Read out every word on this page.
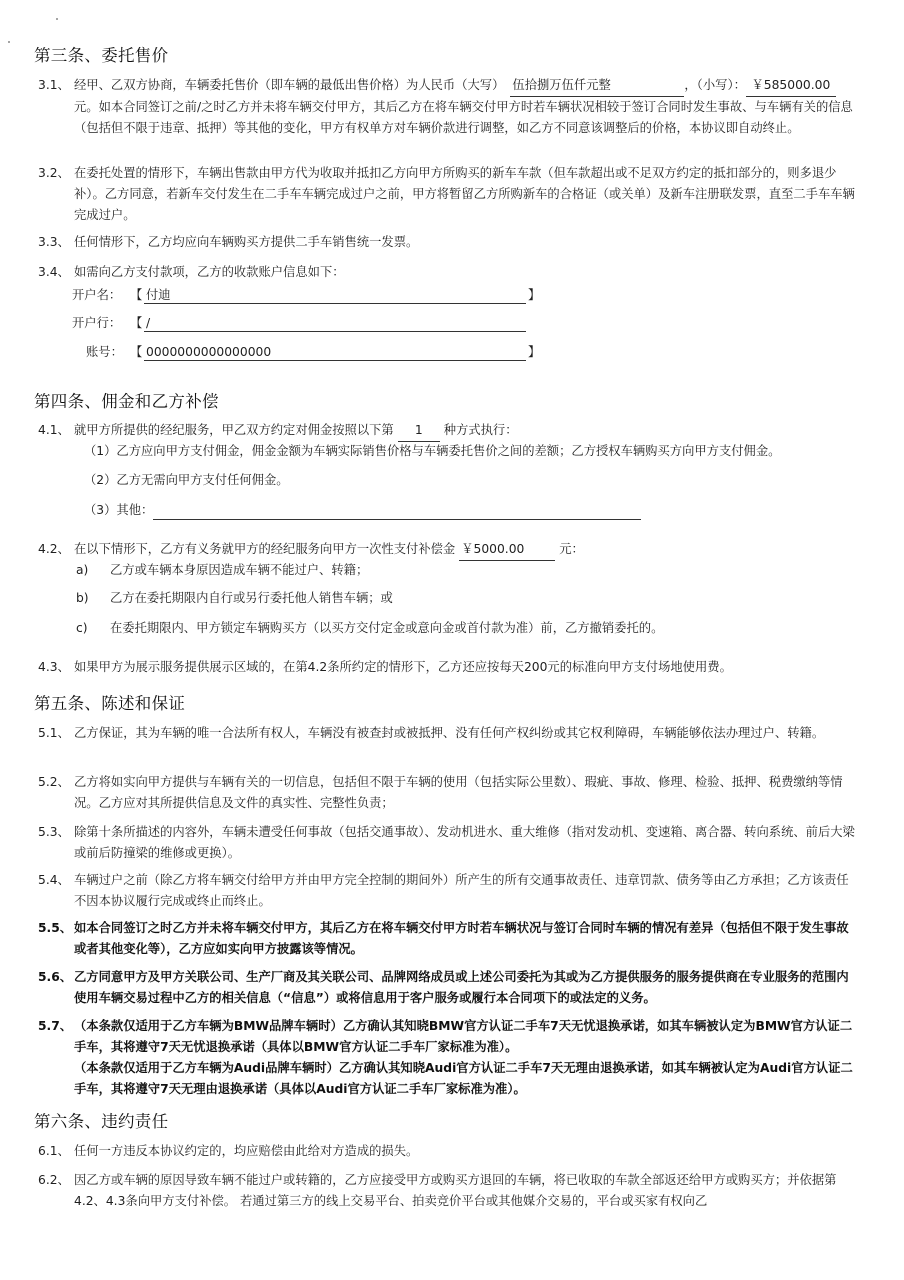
第三条、委托售价
3.1、 经甲、乙双方协商，车辆委托售价（即车辆的最低出售价格）为人民币（大写） 伍拾捌万伍仟元整	，（小写）： ￥585000.00元。如本合同签订之前/之时乙方并未将车辆交付甲方，其后乙方在将车辆交付甲方时若车辆状况相较于签订合同时发生事故、与车辆有关的信息（包括但不限于违章、抵押）等其他的变化，甲方有权单方对车辆价款进行调整，如乙方不同意该调整后的价格，本协议即自动终止。
3.2、 在委托处置的情形下，车辆出售款由甲方代为收取并抵扣乙方向甲方所购买的新车车款（但车款超出或不足双方约定的抵扣部分的，则多退少补）。乙方同意，若新车交付发生在二手车车辆完成过户之前，甲方将暂留乙方所购新车的合格证（或关单）及新车注册联发票，直至二手车车辆完成过户。
3.3、 任何情形下，乙方均应向车辆购买方提供二手车销售统一发票。
3.4、 如需向乙方支付款项，乙方的收款账户信息如下：
开户名： 【 付迪	】
开户行： 【 /
账号： 【 0000000000000000	】
第四条、佣金和乙方补偿
4.1、 就甲方所提供的经纪服务，甲乙双方约定对佣金按照以下第 1 种方式执行：
（1）乙方应向甲方支付佣金，佣金金额为车辆实际销售价格与车辆委托售价之间的差额；乙方授权车辆购买方向甲方支付佣金。
（2）乙方无需向甲方支付任何佣金。
（3）其他：
4.2、 在以下情形下，乙方有义务就甲方的经纪服务向甲方一次性支付补偿金 ￥5000.00	元：
a) 乙方或车辆本身原因造成车辆不能过户、转籍；
b) 乙方在委托期限内自行或另行委托他人销售车辆；或
c) 在委托期限内、甲方锁定车辆购买方（以买方交付定金或意向金或首付款为准）前，乙方撤销委托的。
4.3、 如果甲方为展示服务提供展示区域的，在第4.2条所约定的情形下，乙方还应按每天200元的标准向甲方支付场地使用费。
第五条、陈述和保证
5.1、 乙方保证，其为车辆的唯一合法所有权人，车辆没有被查封或被抵押、没有任何产权纠纷或其它权利障碍，车辆能够依法办理过户、转籍。
5.2、 乙方将如实向甲方提供与车辆有关的一切信息，包括但不限于车辆的使用（包括实际公里数）、瑕疵、事故、修理、检验、抵押、税费缴纳等情况。乙方应对其所提供信息及文件的真实性、完整性负责；
5.3、 除第十条所描述的内容外，车辆未遭受任何事故（包括交通事故）、发动机进水、重大维修（指对发动机、变速箱、离合器、转向系统、前后大梁或前后防撞梁的维修或更换）。
5.4、 车辆过户之前（除乙方将车辆交付给甲方并由甲方完全控制的期间外）所产生的所有交通事故责任、违章罚款、债务等由乙方承担；乙方该责任不因本协议履行完成或终止而终止。
5.5、 如本合同签订之时乙方并未将车辆交付甲方，其后乙方在将车辆交付甲方时若车辆状况与签订合同时车辆的情况有差异（包括但不限于发生事故或者其他变化等），乙方应如实向甲方披露该等情况。
5.6、 乙方同意甲方及甲方关联公司、生产厂商及其关联公司、品牌网络成员或上述公司委托为其或为乙方提供服务的服务提供商在专业服务的范围内使用车辆交易过程中乙方的相关信息（“信息”）或将信息用于客户服务或履行本合同项下的或法定的义务。
5.7、 （本条款仅适用于乙方车辆为BMW品牌车辆时）乙方确认其知晓BMW官方认证二手车7天无忧退换承诺，如其车辆被认定为BMW官方认证二手车，其将遵守7天无忧退换承诺（具体以BMW官方认证二手车厂家标准为准）。
（本条款仅适用于乙方车辆为Audi品牌车辆时）乙方确认其知晓Audi官方认证二手车7天无理由退换承诺，如其车辆被认定为Audi官方认证二手车，其将遵守7天无理由退换承诺（具体以Audi官方认证二手车厂家标准为准）。
第六条、违约责任
6.1、 任何一方违反本协议约定的，均应赔偿由此给对方造成的损失。
6.2、 因乙方或车辆的原因导致车辆不能过户或转籍的，乙方应接受甲方或购买方退回的车辆，将已收取的车款全部返还给甲方或购买方；并依据第4.2、4.3条向甲方支付补偿。 若通过第三方的线上交易平台、拍卖竞价平台或其他媒介交易的，平台或买家有权向乙
